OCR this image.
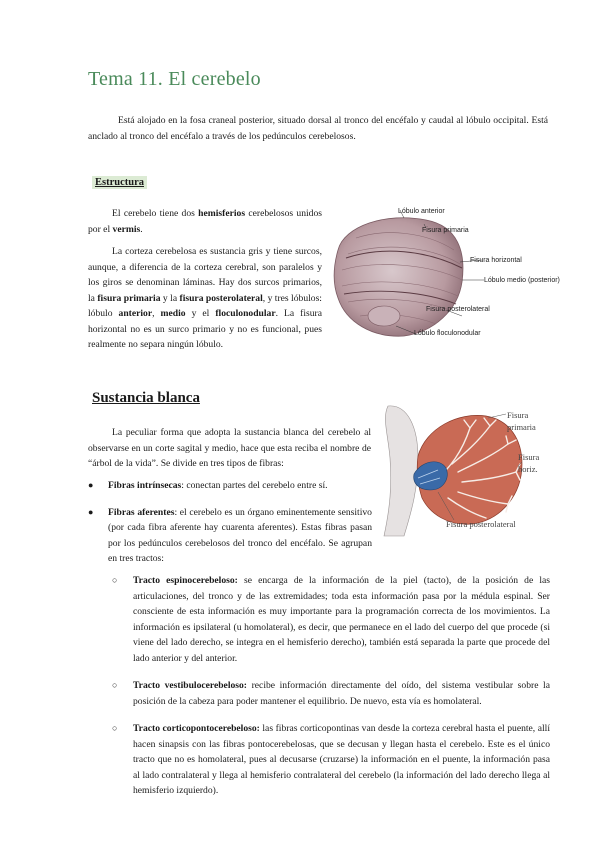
Tema 11. El cerebelo

Está alojado en la fosa craneal posterior, situado dorsal al tronco del encéfalo y caudal al lóbulo occipital. Está anclado al tronco del encéfalo a través de los pedúnculos cerebelosos.

Estructura

El cerebelo tiene dos hemisferios cerebelosos unidos por el vermis.

La corteza cerebelosa es sustancia gris y tiene surcos, aunque, a diferencia de la corteza cerebral, son paralelos y los giros se denominan láminas. Hay dos surcos primarios, la fisura primaria y la fisura posterolateral, y tres lóbulos: lóbulo anterior, medio y el floculonodular. La fisura horizontal no es un surco primario y no es funcional, pues realmente no separa ningún lóbulo.

Lóbulo anterior
Fisura primaria
Fisura horizontal
Lóbulo medio (posterior)
Fisura posterolateral
Lóbulo floculonodular
Sustancia blanca

La peculiar forma que adopta la sustancia blanca del cerebelo al observarse en un corte sagital y medio, hace que esta reciba el nombre de “árbol de la vida”. Se divide en tres tipos de fibras:

Fisura
primaria
Fisura
horiz.
Fisura posterolateral
● Fibras intrínsecas: conectan partes del cerebelo entre sí.
● Fibras aferentes: el cerebelo es un órgano eminentemente sensitivo (por cada fibra aferente hay cuarenta aferentes). Estas fibras pasan por los pedúnculos cerebelosos del tronco del encéfalo. Se agrupan en tres tractos:
○ Tracto espinocerebeloso: se encarga de la información de la piel (tacto), de la posición de las articulaciones, del tronco y de las extremidades; toda esta información pasa por la médula espinal. Ser consciente de esta información es muy importante para la programación correcta de los movimientos. La información es ipsilateral (u homolateral), es decir, que permanece en el lado del cuerpo del que procede (si viene del lado derecho, se integra en el hemisferio derecho), también está separada la parte que procede del lado anterior y del anterior.
○ Tracto vestibulocerebeloso: recibe información directamente del oído, del sistema vestibular sobre la posición de la cabeza para poder mantener el equilibrio. De nuevo, esta vía es homolateral.
○ Tracto corticopontocerebeloso: las fibras corticopontinas van desde la corteza cerebral hasta el puente, allí hacen sinapsis con las fibras pontocerebelosas, que se decusan y llegan hasta el cerebelo. Este es el único tracto que no es homolateral, pues al decusarse (cruzarse) la información en el puente, la información pasa al lado contralateral y llega al hemisferio contralateral del cerebelo (la información del lado derecho llega al hemisferio izquierdo).
